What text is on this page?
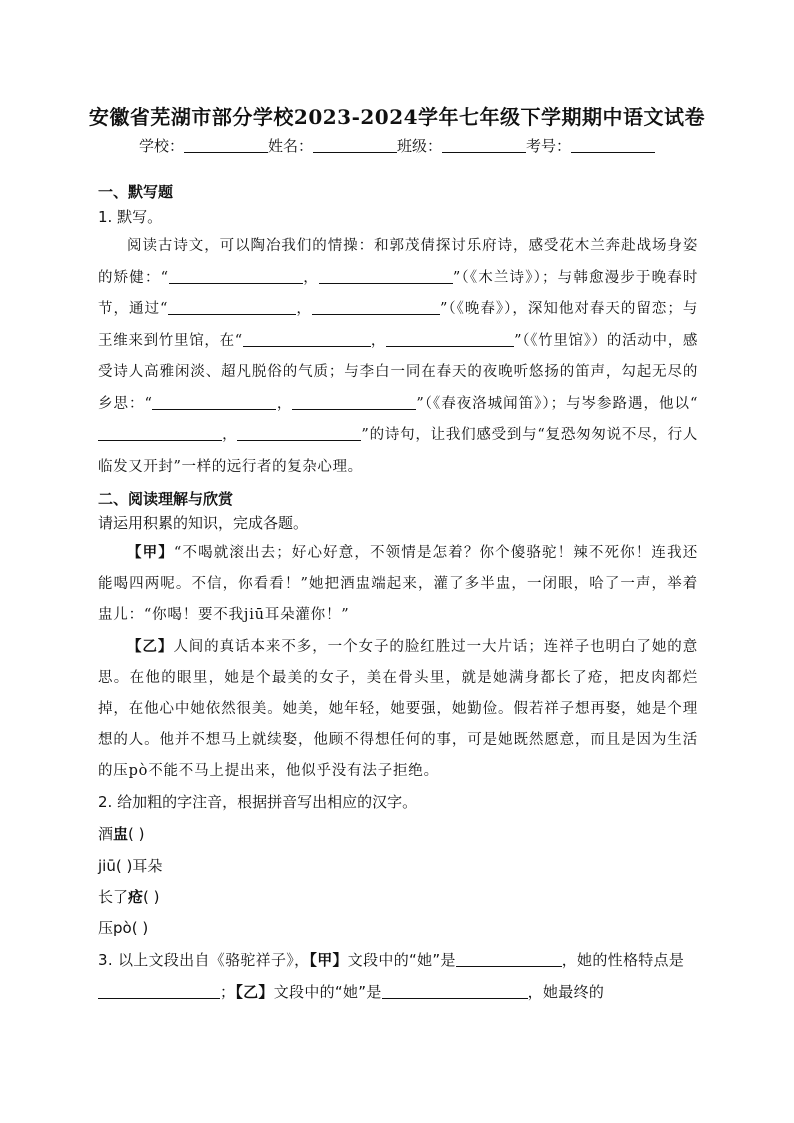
安徽省芜湖市部分学校2023-2024学年七年级下学期期中语文试卷
学校：	姓名：	班级：	考号：
一、默写题
1. 默写。
阅读古诗文，可以陶冶我们的情操：和郭茂倩探讨乐府诗，感受花木兰奔赴战场身姿的矫健：“	，	”（《木兰诗》）；与韩愈漫步于晚春时节，通过“	，	”（《晚春》），深知他对春天的留恋；与王维来到竹里馆，在“	，	”（《竹里馆》）的活动中，感受诗人高雅闲淡、超凡脱俗的气质；与李白一同在春天的夜晚听悠扬的笛声，勾起无尽的乡思：“	，	”（《春夜洛城闻笛》）；与岑参路遇，他以“，	”的诗句，让我们感受到与“复恐匆匆说不尽，行人临发又开封”一样的远行者的复杂心理。
二、阅读理解与欣赏
请运用积累的知识，完成各题。
【甲】“不喝就滚出去；好心好意，不领情是怎着？你个傻骆驼！辣不死你！连我还能喝四两呢。不信，你看看！”她把酒盅端起来，灌了多半盅，一闭眼，哈了一声，举着盅儿：“你喝！要不我jiū耳朵灌你！”
【乙】人间的真话本来不多，一个女子的脸红胜过一大片话；连祥子也明白了她的意思。在他的眼里，她是个最美的女子，美在骨头里，就是她满身都长了疮，把皮肉都烂掉，在他心中她依然很美。她美，她年轻，她要强，她勤俭。假若祥子想再娶，她是个理想的人。他并不想马上就续娶，他顾不得想任何的事，可是她既然愿意，而且是因为生活的压pò不能不马上提出来，他似乎没有法子拒绝。
2. 给加粗的字注音，根据拼音写出相应的汉字。
酒盅( )
jiū( )耳朵
长了疮( )
压pò( )
3. 以上文段出自《骆驼祥子》，【甲】文段中的“她”是	，她的性格特点是；【乙】文段中的“她”是	，她最终的
